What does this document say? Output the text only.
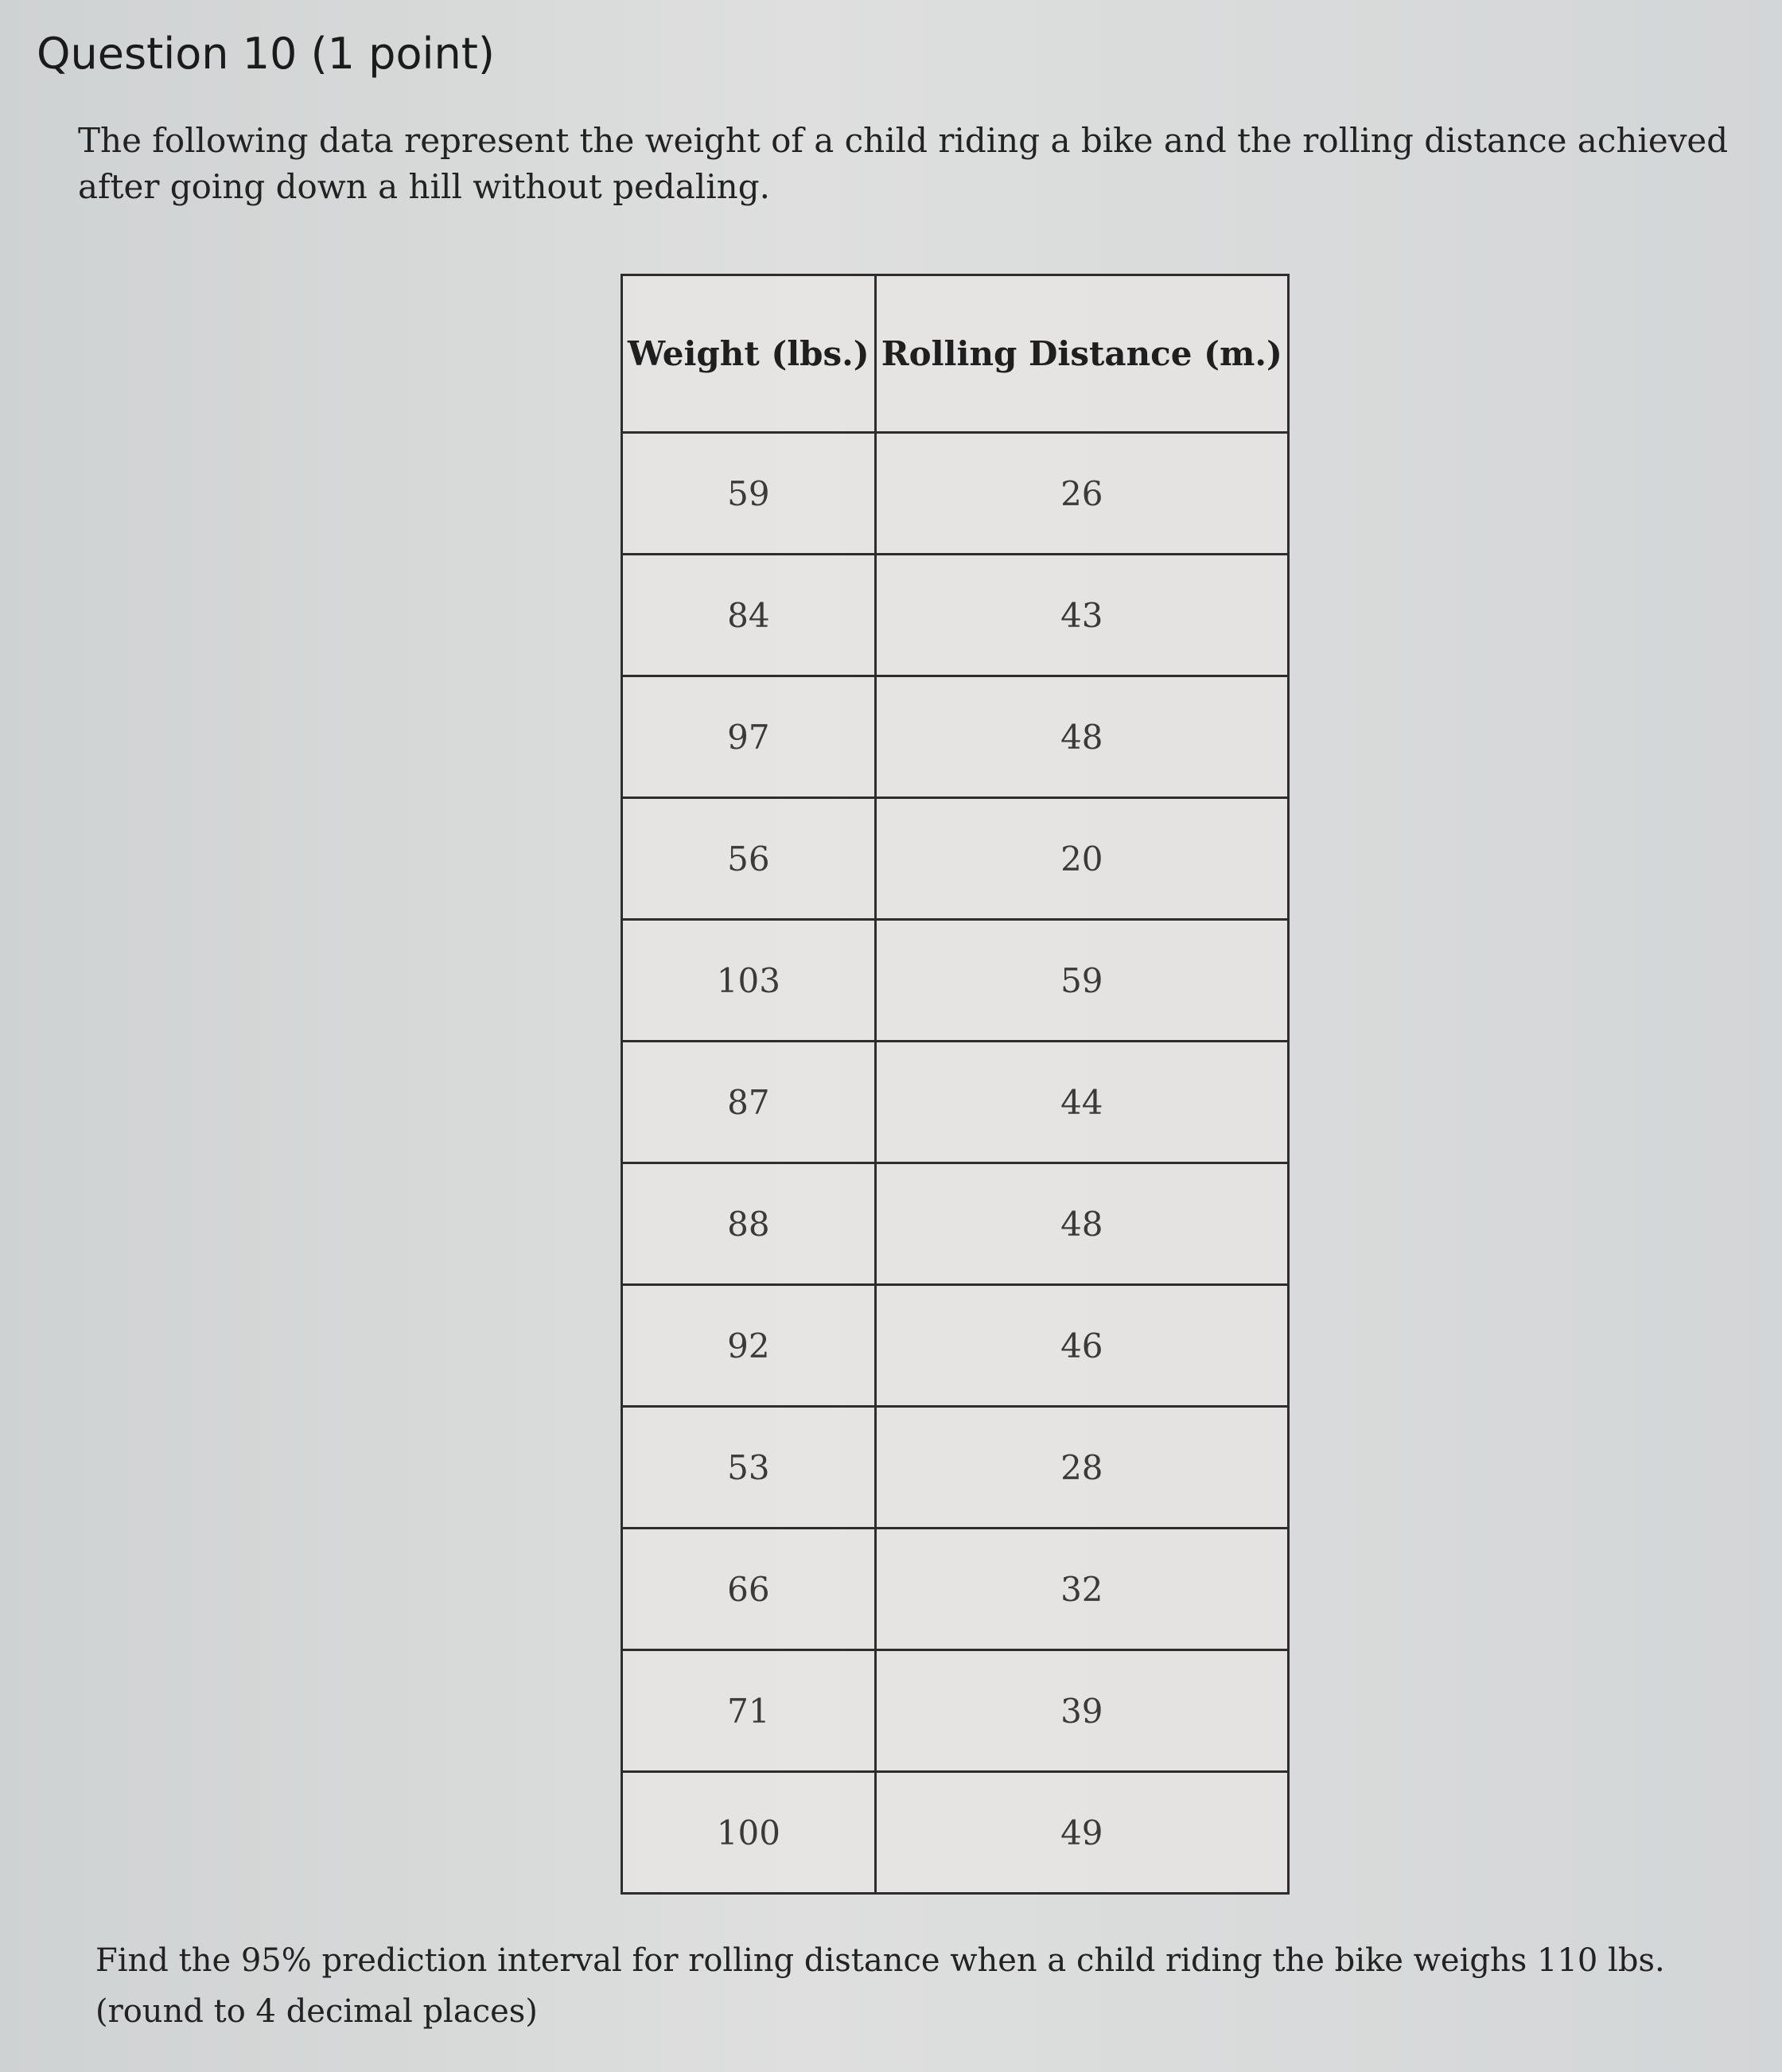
Question 10 (1 point)
The following data represent the weight of a child riding a bike and the rolling distance achieved after going down a hill without pedaling.
Weight (lbs.)	Rolling Distance (m.)
59	26
84	43
97	48
56	20
103	59
87	44
88	48
92	46
53	28
66	32
71	39
100	49
Find the 95% prediction interval for rolling distance when a child riding the bike weighs 110 lbs. (round to 4 decimal places)
